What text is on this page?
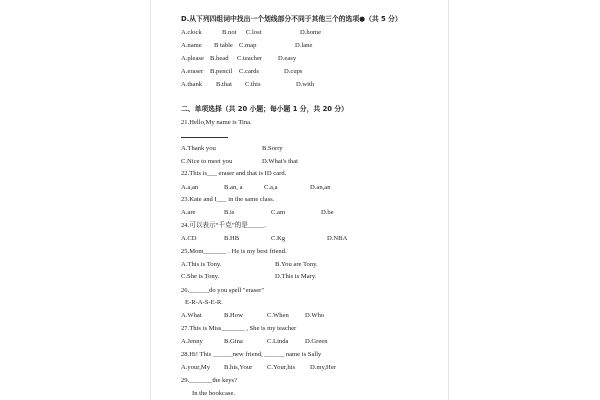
D.从下列四组词中找出一个划线部分不同于其他三个的选项●（共 5 分）
A.clock	B.not C.lost	D.home
A.name B table C.map	D.lane
A.please B.head C.teacher D.easy
A.eraser B.pencil C.cards	D.cups
A.thank B.that C.this	D.with
二、单项选择（共 20 小题；每小题 1 分，共 20 分）
21.Hello,My name is Tina.
A.Thank you	B.Sorry
C.Nice to meet you	D.What's that
22.This is___ eraser and that is ID card.
A.a,an	B.an, a	C.a,a	D.an,an
23.Kate and I___ in the same class.
A.are	B.is	C.am	D.be
24.可以表示“千克”的是_____.
A.CD	B.HB	C.Kg	D.NBA
25.Mom_______ . He is my best friend.
A.This is Tony.	B.You are Tony.
C.She is Tony.	D.This is Mary.
26.______do you spell "eraser"
E-R-A-S-E-R.
A.What	B.How	C.When D.Who
27.This is Miss_______ , She is my teacher
A.Jenny	B.Gina	C.Linda	D.Green
28.Hi! This ______new friend, ______ name is Sally
A.your,My B.his,Your C.Your,his D.my,Her
29._______the keys?
In the bookcase.
